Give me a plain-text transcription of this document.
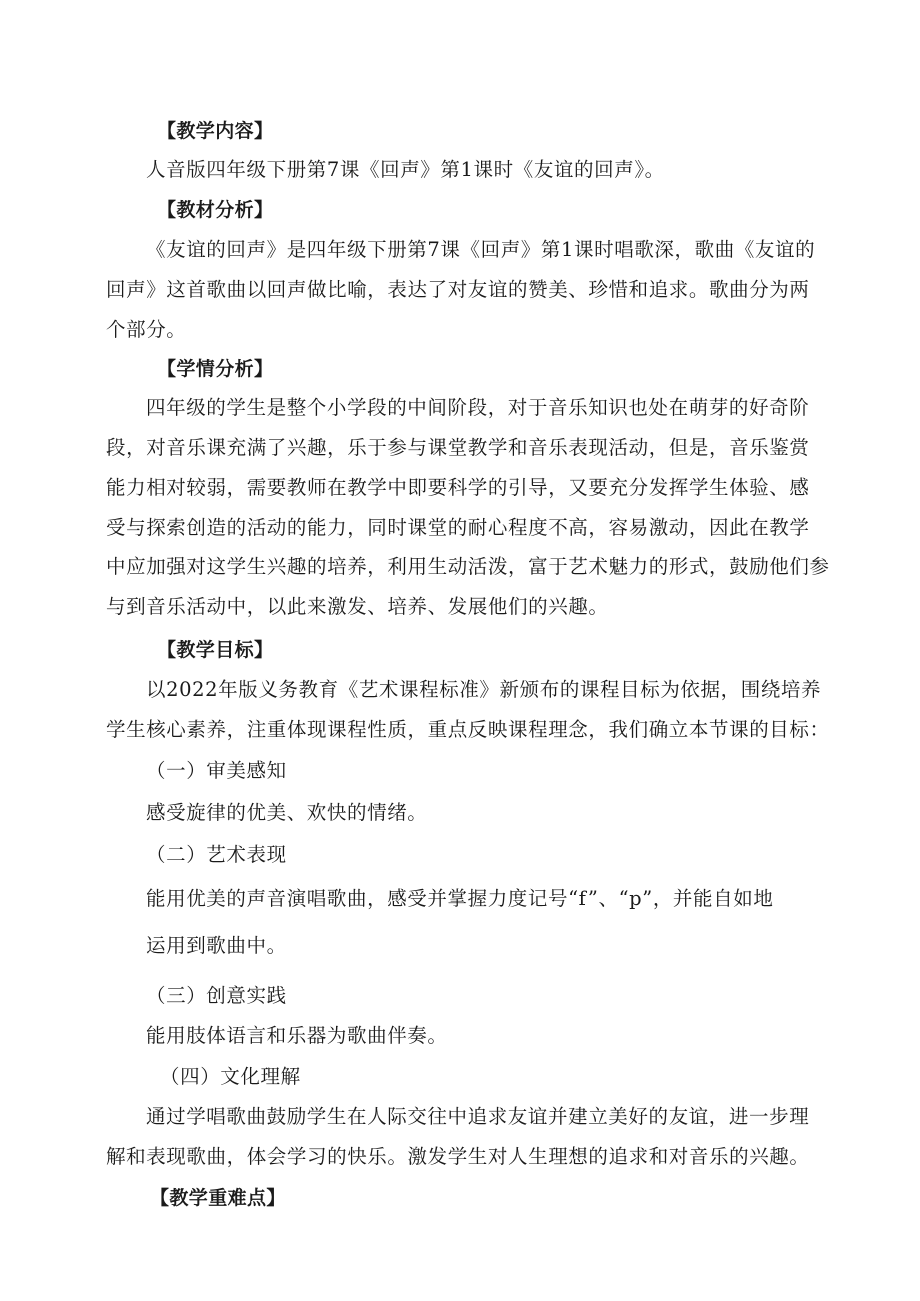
【教学内容】
人音版四年级下册第7课《回声》第1课时《友谊的回声》。
【教材分析】
《友谊的回声》是四年级下册第7课《回声》第1课时唱歌深，歌曲《友谊的
回声》这首歌曲以回声做比喻，表达了对友谊的赞美、珍惜和追求。歌曲分为两
个部分。
【学情分析】
四年级的学生是整个小学段的中间阶段，对于音乐知识也处在萌芽的好奇阶
段，对音乐课充满了兴趣，乐于参与课堂教学和音乐表现活动，但是，音乐鉴赏
能力相对较弱，需要教师在教学中即要科学的引导，又要充分发挥学生体验、感
受与探索创造的活动的能力，同时课堂的耐心程度不高，容易激动，因此在教学
中应加强对这学生兴趣的培养，利用生动活泼，富于艺术魅力的形式，鼓励他们参
与到音乐活动中，以此来激发、培养、发展他们的兴趣。
【教学目标】
以2022年版义务教育《艺术课程标准》新颁布的课程目标为依据，围绕培养
学生核心素养，注重体现课程性质，重点反映课程理念，我们确立本节课的目标：
（一）审美感知
感受旋律的优美、欢快的情绪。
（二）艺术表现
能用优美的声音演唱歌曲，感受并掌握力度记号“f”、“p”，并能自如地
运用到歌曲中。
（三）创意实践
能用肢体语言和乐器为歌曲伴奏。
（四）文化理解
通过学唱歌曲鼓励学生在人际交往中追求友谊并建立美好的友谊，进一步理
解和表现歌曲，体会学习的快乐。激发学生对人生理想的追求和对音乐的兴趣。
【教学重难点】
